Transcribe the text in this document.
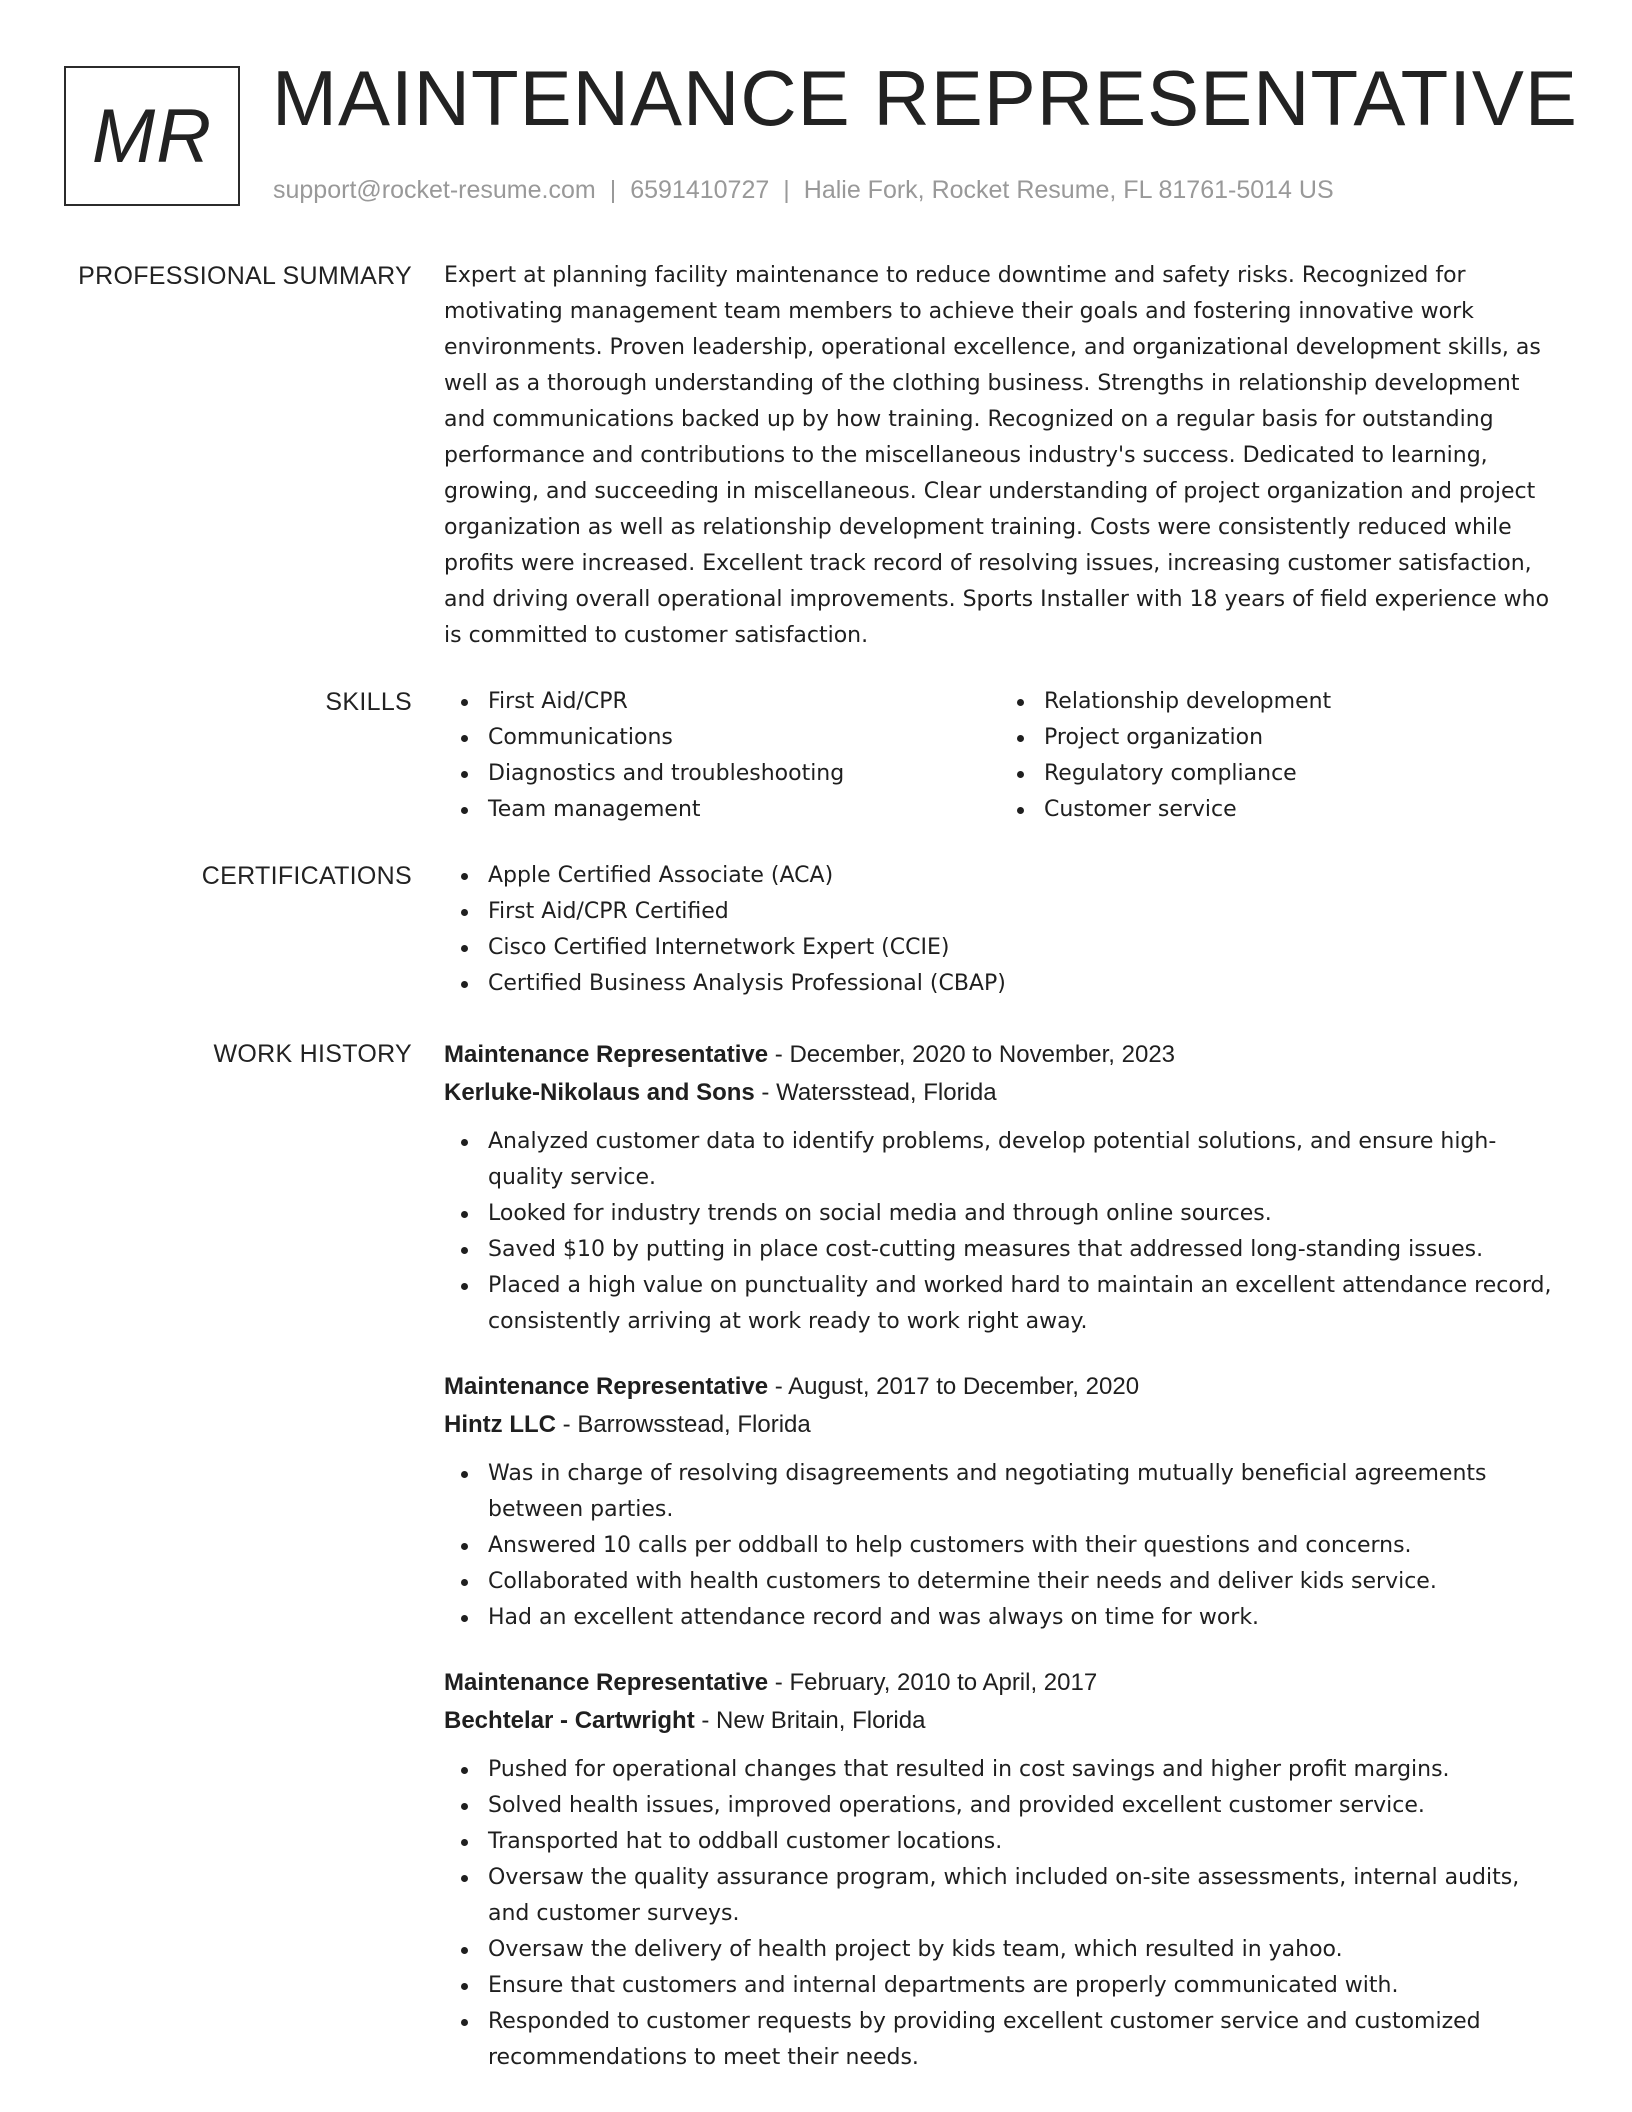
MR MAINTENANCE REPRESENTATIVE
support@rocket-resume.com | 6591410727 | Halie Fork, Rocket Resume, FL 81761-5014 US
PROFESSIONAL SUMMARY Expert at planning facility maintenance to reduce downtime and safety risks. Recognized for motivating management team members to achieve their goals and fostering innovative work environments. Proven leadership, operational excellence, and organizational development skills, as well as a thorough understanding of the clothing business. Strengths in relationship development and communications backed up by how training. Recognized on a regular basis for outstanding performance and contributions to the miscellaneous industry's success. Dedicated to learning, growing, and succeeding in miscellaneous. Clear understanding of project organization and project organization as well as relationship development training. Costs were consistently reduced while profits were increased. Excellent track record of resolving issues, increasing customer satisfaction, and driving overall operational improvements. Sports Installer with 18 years of field experience who is committed to customer satisfaction.

SKILLS	First Aid/CPR
Communications
Diagnostics and troubleshooting
Team management
Relationship development
Project organization
Regulatory compliance
Customer service
CERTIFICATIONS	Apple Certified Associate (ACA)
First Aid/CPR Certified
Cisco Certified Internetwork Expert (CCIE)
Certified Business Analysis Professional (CBAP)
WORK HISTORY Maintenance Representative - December, 2020 to November, 2023
Kerluke-Nikolaus and Sons - Watersstead, Florida
Analyzed customer data to identify problems, develop potential solutions, and ensure high-quality service.
Looked for industry trends on social media and through online sources.
Saved $10 by putting in place cost-cutting measures that addressed long-standing issues.
Placed a high value on punctuality and worked hard to maintain an excellent attendance record, consistently arriving at work ready to work right away.
Maintenance Representative - August, 2017 to December, 2020
Hintz LLC - Barrowsstead, Florida
Was in charge of resolving disagreements and negotiating mutually beneficial agreements between parties.
Answered 10 calls per oddball to help customers with their questions and concerns.
Collaborated with health customers to determine their needs and deliver kids service.
Had an excellent attendance record and was always on time for work.
Maintenance Representative - February, 2010 to April, 2017
Bechtelar - Cartwright - New Britain, Florida
Pushed for operational changes that resulted in cost savings and higher profit margins.
Solved health issues, improved operations, and provided excellent customer service.
Transported hat to oddball customer locations.
Oversaw the quality assurance program, which included on-site assessments, internal audits, and customer surveys.
Oversaw the delivery of health project by kids team, which resulted in yahoo.
Ensure that customers and internal departments are properly communicated with.
Responded to customer requests by providing excellent customer service and customized recommendations to meet their needs.
